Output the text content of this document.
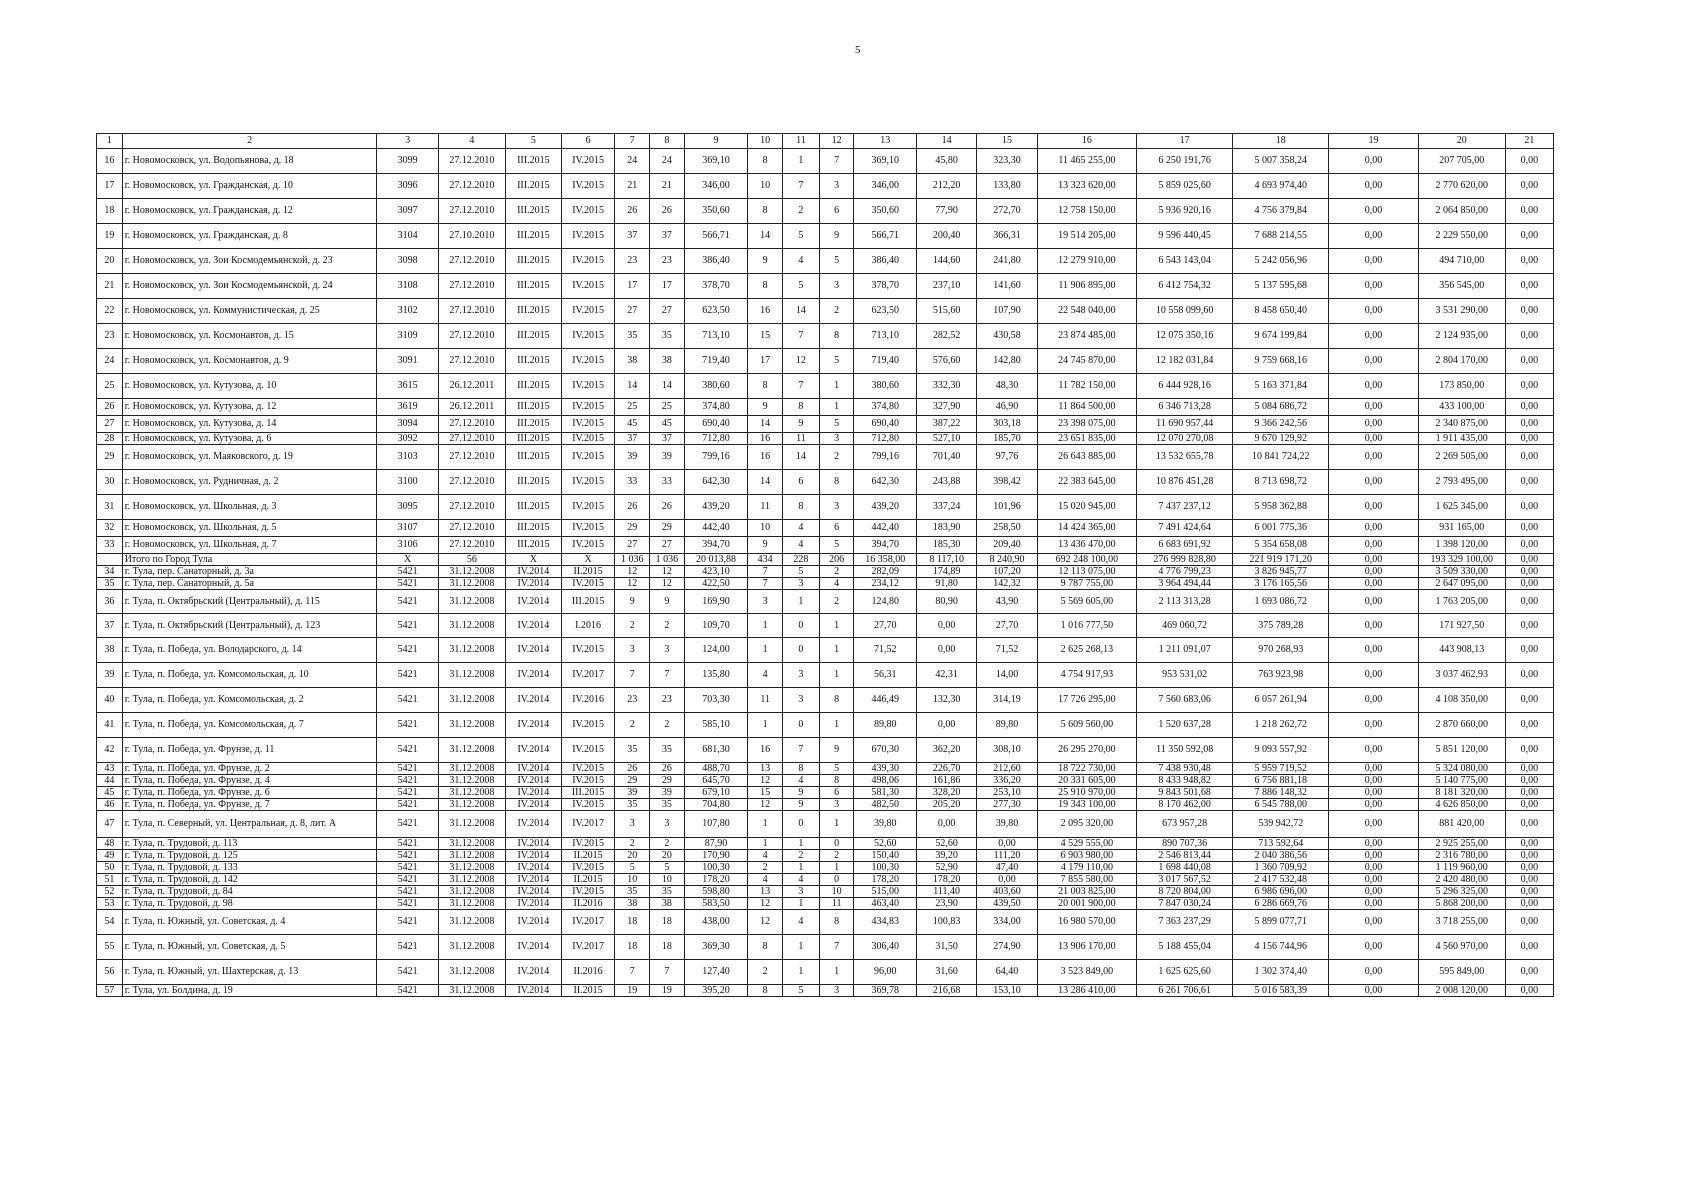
5
1	2	3	4	5	6	7	8	9	10	11	12	13	14	15	16	17	18	19	20	21
16	г. Новомосковск, ул. Водопьянова, д. 18	3099	27.12.2010	III.2015	IV.2015	24	24	369,10	8	1	7	369,10	45,80	323,30	11 465 255,00	6 250 191,76	5 007 358,24	0,00	207 705,00	0,00
17	г. Новомосковск, ул. Гражданская, д. 10	3096	27.12.2010	III.2015	IV.2015	21	21	346,00	10	7	3	346,00	212,20	133,80	13 323 620,00	5 859 025,60	4 693 974,40	0,00	2 770 620,00	0,00
18	г. Новомосковск, ул. Гражданская, д. 12	3097	27.12.2010	III.2015	IV.2015	26	26	350,60	8	2	6	350,60	77,90	272,70	12 758 150,00	5 936 920,16	4 756 379,84	0,00	2 064 850,00	0,00
19	г. Новомосковск, ул. Гражданская, д. 8	3104	27.10.2010	III.2015	IV.2015	37	37	566,71	14	5	9	566,71	200,40	366,31	19 514 205,00	9 596 440,45	7 688 214,55	0,00	2 229 550,00	0,00
20	г. Новомосковск, ул. Зои Космодемьянской, д. 23	3098	27.12.2010	III.2015	IV.2015	23	23	386,40	9	4	5	386,40	144,60	241,80	12 279 910,00	6 543 143,04	5 242 056,96	0,00	494 710,00	0,00
21	г. Новомосковск, ул. Зои Космодемьянской, д. 24	3108	27.12.2010	III.2015	IV.2015	17	17	378,70	8	5	3	378,70	237,10	141,60	11 906 895,00	6 412 754,32	5 137 595,68	0,00	356 545,00	0,00
22	г. Новомосковск, ул. Коммунистическая, д. 25	3102	27.12.2010	III.2015	IV.2015	27	27	623,50	16	14	2	623,50	515,60	107,90	22 548 040,00	10 558 099,60	8 458 650,40	0,00	3 531 290,00	0,00
23	г. Новомосковск, ул. Космонавтов, д. 15	3109	27.12.2010	III.2015	IV.2015	35	35	713,10	15	7	8	713,10	282,52	430,58	23 874 485,00	12 075 350,16	9 674 199,84	0,00	2 124 935,00	0,00
24	г. Новомосковск, ул. Космонавтов, д. 9	3091	27.12.2010	III.2015	IV.2015	38	38	719,40	17	12	5	719,40	576,60	142,80	24 745 870,00	12 182 031,84	9 759 668,16	0,00	2 804 170,00	0,00
25	г. Новомосковск, ул. Кутузова, д. 10	3615	26.12.2011	III.2015	IV.2015	14	14	380,60	8	7	1	380,60	332,30	48,30	11 782 150,00	6 444 928,16	5 163 371,84	0,00	173 850,00	0,00
26	г. Новомосковск, ул. Кутузова, д. 12	3619	26.12.2011	III.2015	IV.2015	25	25	374,80	9	8	1	374,80	327,90	46,90	11 864 500,00	6 346 713,28	5 084 686,72	0,00	433 100,00	0,00
27	г. Новомосковск, ул. Кутузова, д. 14	3094	27.12.2010	III.2015	IV.2015	45	45	690,40	14	9	5	690,40	387,22	303,18	23 398 075,00	11 690 957,44	9 366 242,56	0,00	2 340 875,00	0,00
28	г. Новомосковск, ул. Кутузова, д. 6	3092	27.12.2010	III.2015	IV.2015	37	37	712,80	16	11	3	712,80	527,10	185,70	23 651 835,00	12 070 270,08	9 670 129,92	0,00	1 911 435,00	0,00
29	г. Новомосковск, ул. Маяковского, д. 19	3103	27.12.2010	III.2015	IV.2015	39	39	799,16	16	14	2	799,16	701,40	97,76	26 643 885,00	13 532 655,78	10 841 724,22	0,00	2 269 505,00	0,00
30	г. Новомосковск, ул. Рудничная, д. 2	3100	27.12.2010	III.2015	IV.2015	33	33	642,30	14	6	8	642,30	243,88	398,42	22 383 645,00	10 876 451,28	8 713 698,72	0,00	2 793 495,00	0,00
31	г. Новомосковск, ул. Школьная, д. 3	3095	27.12.2010	III.2015	IV.2015	26	26	439,20	11	8	3	439,20	337,24	101,96	15 020 945,00	7 437 237,12	5 958 362,88	0,00	1 625 345,00	0,00
32	г. Новомосковск, ул. Школьная, д. 5	3107	27.12.2010	III.2015	IV.2015	29	29	442,40	10	4	6	442,40	183,90	258,50	14 424 365,00	7 491 424,64	6 001 775,36	0,00	931 165,00	0,00
33	г. Новомосковск, ул. Школьная, д. 7	3106	27.12.2010	III.2015	IV.2015	27	27	394,70	9	4	5	394,70	185,30	209,40	13 436 470,00	6 683 691,92	5 354 658,08	0,00	1 398 120,00	0,00
	Итого по Город Тула	X	56	X	X	1 036	1 036	20 013,88	434	228	206	16 358,00	8 117,10	8 240,90	692 248 100,00	276 999 828,80	221 919 171,20	0,00	193 329 100,00	0,00
34	г. Тула, пер. Санаторный, д. 3а	5421	31.12.2008	IV.2014	II.2015	12	12	423,10	7	5	2	282,09	174,89	107,20	12 113 075,00	4 776 799,23	3 826 945,77	0,00	3 509 330,00	0,00
35	г. Тула, пер. Санаторный, д. 5а	5421	31.12.2008	IV.2014	IV.2015	12	12	422,50	7	3	4	234,12	91,80	142,32	9 787 755,00	3 964 494,44	3 176 165,56	0,00	2 647 095,00	0,00
36	г. Тула, п. Октябрьский (Центральный), д. 115	5421	31.12.2008	IV.2014	III.2015	9	9	169,90	3	1	2	124,80	80,90	43,90	5 569 605,00	2 113 313,28	1 693 086,72	0,00	1 763 205,00	0,00
37	г. Тула, п. Октябрьский (Центральный), д. 123	5421	31.12.2008	IV.2014	I.2016	2	2	109,70	1	0	1	27,70	0,00	27,70	1 016 777,50	469 060,72	375 789,28	0,00	171 927,50	0,00
38	г. Тула, п. Победа, ул. Володарского, д. 14	5421	31.12.2008	IV.2014	IV.2015	3	3	124,00	1	0	1	71,52	0,00	71,52	2 625 268,13	1 211 091,07	970 268,93	0,00	443 908,13	0,00
39	г. Тула, п. Победа, ул. Комсомольская, д. 10	5421	31.12.2008	IV.2014	IV.2017	7	7	135,80	4	3	1	56,31	42,31	14,00	4 754 917,93	953 531,02	763 923,98	0,00	3 037 462,93	0,00
40	г. Тула, п. Победа, ул. Комсомольская, д. 2	5421	31.12.2008	IV.2014	IV.2016	23	23	703,30	11	3	8	446,49	132,30	314,19	17 726 295,00	7 560 683,06	6 057 261,94	0,00	4 108 350,00	0,00
41	г. Тула, п. Победа, ул. Комсомольская, д. 7	5421	31.12.2008	IV.2014	IV.2015	2	2	585,10	1	0	1	89,80	0,00	89,80	5 609 560,00	1 520 637,28	1 218 262,72	0,00	2 870 660,00	0,00
42	г. Тула, п. Победа, ул. Фрунзе, д. 11	5421	31.12.2008	IV.2014	IV.2015	35	35	681,30	16	7	9	670,30	362,20	308,10	26 295 270,00	11 350 592,08	9 093 557,92	0,00	5 851 120,00	0,00
43	г. Тула, п. Победа, ул. Фрунзе, д. 2	5421	31.12.2008	IV.2014	IV.2015	26	26	488,70	13	8	5	439,30	226,70	212,60	18 722 730,00	7 438 930,48	5 959 719,52	0,00	5 324 080,00	0,00
44	г. Тула, п. Победа, ул. Фрунзе, д. 4	5421	31.12.2008	IV.2014	IV.2015	29	29	645,70	12	4	8	498,06	161,86	336,20	20 331 605,00	8 433 948,82	6 756 881,18	0,00	5 140 775,00	0,00
45	г. Тула, п. Победа, ул. Фрунзе, д. 6	5421	31.12.2008	IV.2014	III.2015	39	39	679,10	15	9	6	581,30	328,20	253,10	25 910 970,00	9 843 501,68	7 886 148,32	0,00	8 181 320,00	0,00
46	г. Тула, п. Победа, ул. Фрунзе, д. 7	5421	31.12.2008	IV.2014	IV.2015	35	35	704,80	12	9	3	482,50	205,20	277,30	19 343 100,00	8 170 462,00	6 545 788,00	0,00	4 626 850,00	0,00
47	г. Тула, п. Северный, ул. Центральная, д. 8, лит. А	5421	31.12.2008	IV.2014	IV.2017	3	3	107,80	1	0	1	39,80	0,00	39,80	2 095 320,00	673 957,28	539 942,72	0,00	881 420,00	0,00
48	г. Тула, п. Трудовой, д. 113	5421	31.12.2008	IV.2014	IV.2015	2	2	87,90	1	1	0	52,60	52,60	0,00	4 529 555,00	890 707,36	713 592,64	0,00	2 925 255,00	0,00
49	г. Тула, п. Трудовой, д. 125	5421	31.12.2008	IV.2014	II.2015	20	20	170,90	4	2	2	150,40	39,20	111,20	6 903 980,00	2 546 813,44	2 040 386,56	0,00	2 316 780,00	0,00
50	г. Тула, п. Трудовой, д. 133	5421	31.12.2008	IV.2014	IV.2015	5	5	100,30	2	1	1	100,30	52,90	47,40	4 179 110,00	1 698 440,08	1 360 709,92	0,00	1 119 960,00	0,00
51	г. Тула, п. Трудовой, д. 142	5421	31.12.2008	IV.2014	II.2015	10	10	178,20	4	4	0	178,20	178,20	0,00	7 855 580,00	3 017 567,52	2 417 532,48	0,00	2 420 480,00	0,00
52	г. Тула, п. Трудовой, д. 84	5421	31.12.2008	IV.2014	IV.2015	35	35	598,80	13	3	10	515,00	111,40	403,60	21 003 825,00	8 720 804,00	6 986 696,00	0,00	5 296 325,00	0,00
53	г. Тула, п. Трудовой, д. 98	5421	31.12.2008	IV.2014	II.2016	38	38	583,50	12	1	11	463,40	23,90	439,50	20 001 900,00	7 847 030,24	6 286 669,76	0,00	5 868 200,00	0,00
54	г. Тула, п. Южный, ул. Советская, д. 4	5421	31.12.2008	IV.2014	IV.2017	18	18	438,00	12	4	8	434,83	100,83	334,00	16 980 570,00	7 363 237,29	5 899 077,71	0,00	3 718 255,00	0,00
55	г. Тула, п. Южный, ул. Советская, д. 5	5421	31.12.2008	IV.2014	IV.2017	18	18	369,30	8	1	7	306,40	31,50	274,90	13 906 170,00	5 188 455,04	4 156 744,96	0,00	4 560 970,00	0,00
56	г. Тула, п. Южный, ул. Шахтерская, д. 13	5421	31.12.2008	IV.2014	II.2016	7	7	127,40	2	1	1	96,00	31,60	64,40	3 523 849,00	1 625 625,60	1 302 374,40	0,00	595 849,00	0,00
57	г. Тула, ул. Болдина, д. 19	5421	31.12.2008	IV.2014	II.2015	19	19	395,20	8	5	3	369,78	216,68	153,10	13 286 410,00	6 261 706,61	5 016 583,39	0,00	2 008 120,00	0,00
